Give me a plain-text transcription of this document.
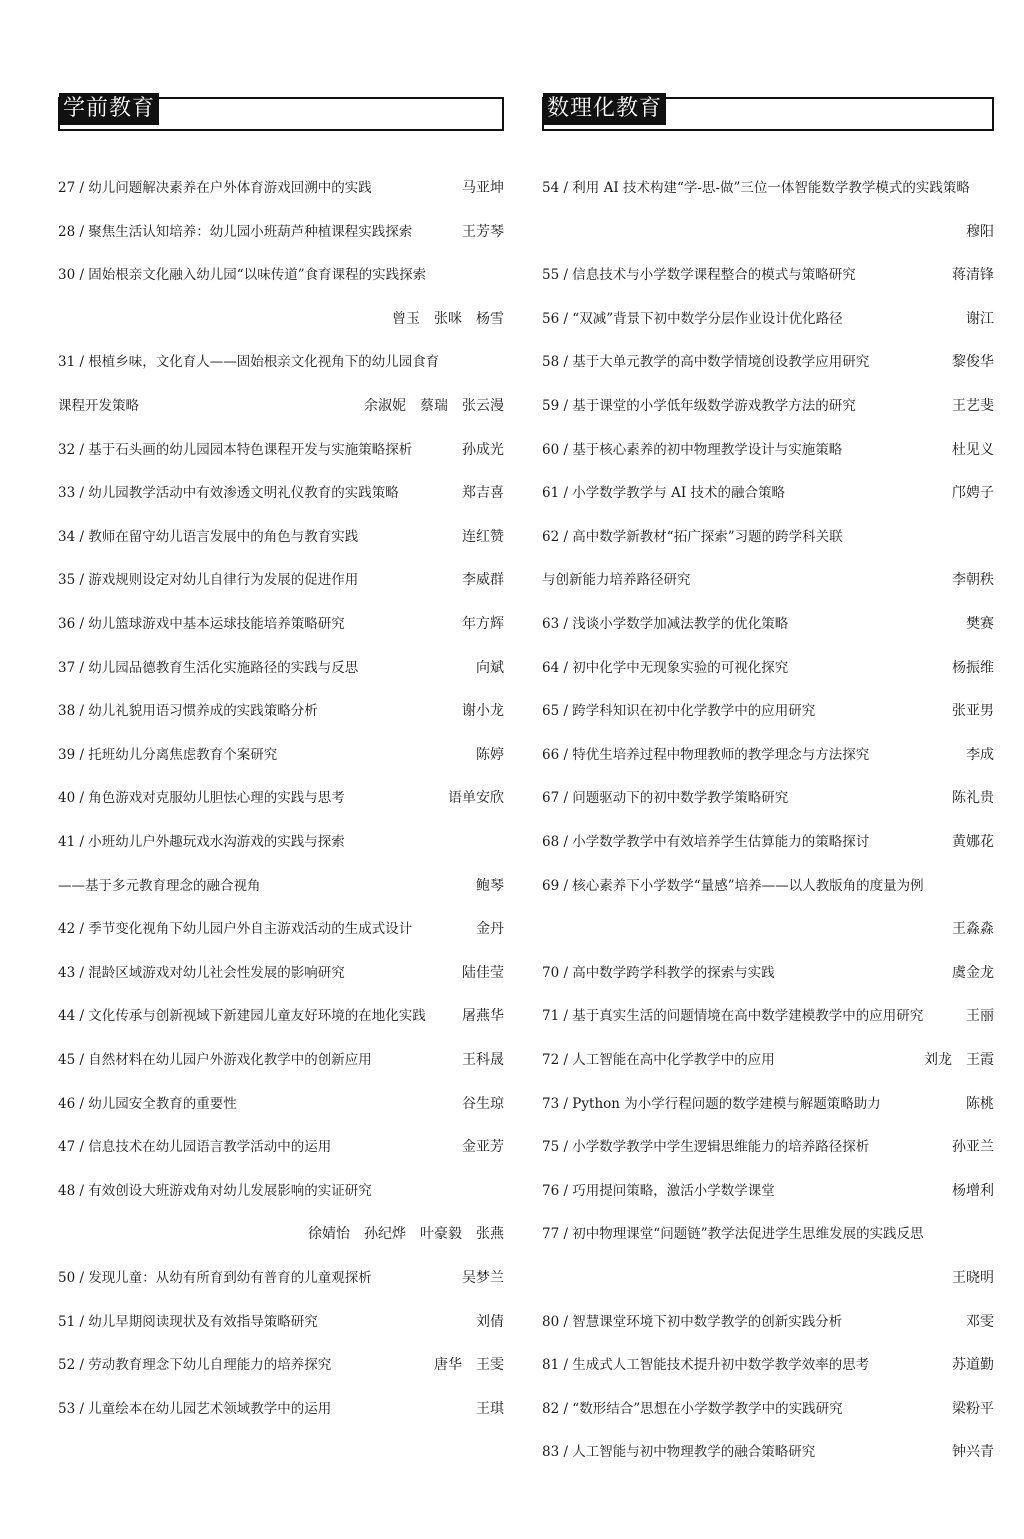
学前教育	数理化教育
27 / 幼儿问题解决素养在户外体育游戏回溯中的实践	马亚坤
28 / 聚焦生活认知培养：幼儿园小班葫芦种植课程实践探索	王芳琴
30 / 固始根亲文化融入幼儿园“以味传道”食育课程的实践探索
曾玉　张咪　杨雪
31 / 根植乡味，文化育人——固始根亲文化视角下的幼儿园食育
课程开发策略	余淑妮　蔡瑞　张云漫
32 / 基于石头画的幼儿园园本特色课程开发与实施策略探析	孙成光
33 / 幼儿园教学活动中有效渗透文明礼仪教育的实践策略	郑吉喜
34 / 教师在留守幼儿语言发展中的角色与教育实践	连红赞
35 / 游戏规则设定对幼儿自律行为发展的促进作用	李威群
36 / 幼儿篮球游戏中基本运球技能培养策略研究	年方辉
37 / 幼儿园品德教育生活化实施路径的实践与反思	向斌
38 / 幼儿礼貌用语习惯养成的实践策略分析	谢小龙
39 / 托班幼儿分离焦虑教育个案研究	陈婷
40 / 角色游戏对克服幼儿胆怯心理的实践与思考	语单安欣
41 / 小班幼儿户外趣玩戏水沟游戏的实践与探索
——基于多元教育理念的融合视角	鲍琴
42 / 季节变化视角下幼儿园户外自主游戏活动的生成式设计	金丹
43 / 混龄区域游戏对幼儿社会性发展的影响研究	陆佳莹
44 / 文化传承与创新视域下新建园儿童友好环境的在地化实践	屠燕华
45 / 自然材料在幼儿园户外游戏化教学中的创新应用	王科晟
46 / 幼儿园安全教育的重要性	谷生琼
47 / 信息技术在幼儿园语言教学活动中的运用	金亚芳
48 / 有效创设大班游戏角对幼儿发展影响的实证研究
徐婧怡　孙纪烨　叶豪毅　张燕
50 / 发现儿童：从幼有所育到幼有普育的儿童观探析	吴梦兰
51 / 幼儿早期阅读现状及有效指导策略研究	刘倩
52 / 劳动教育理念下幼儿自理能力的培养探究	唐华　王雯
53 / 儿童绘本在幼儿园艺术领域教学中的运用	王琪
54 / 利用 AI 技术构建“学-思-做”三位一体智能数学教学模式的实践策略
穆阳
55 / 信息技术与小学数学课程整合的模式与策略研究	蒋清锋
56 / “双减”背景下初中数学分层作业设计优化路径	谢江
58 / 基于大单元教学的高中数学情境创设教学应用研究	黎俊华
59 / 基于课堂的小学低年级数学游戏教学方法的研究	王艺斐
60 / 基于核心素养的初中物理教学设计与实施策略	杜见义
61 / 小学数学教学与 AI 技术的融合策略	邝娉子
62 / 高中数学新教材“拓广探索”习题的跨学科关联
与创新能力培养路径研究	李朝秩
63 / 浅谈小学数学加减法教学的优化策略	樊赛
64 / 初中化学中无现象实验的可视化探究	杨振维
65 / 跨学科知识在初中化学教学中的应用研究	张亚男
66 / 特优生培养过程中物理教师的教学理念与方法探究	李成
67 / 问题驱动下的初中数学教学策略研究	陈礼贵
68 / 小学数学教学中有效培养学生估算能力的策略探讨	黄娜花
69 / 核心素养下小学数学“量感”培养——以人教版角的度量为例
王淼淼
70 / 高中数学跨学科教学的探索与实践	虞金龙
71 / 基于真实生活的问题情境在高中数学建模教学中的应用研究	王丽
72 / 人工智能在高中化学教学中的应用	刘龙　王霞
73 / Python 为小学行程问题的数学建模与解题策略助力	陈桃
75 / 小学数学教学中学生逻辑思维能力的培养路径探析	孙亚兰
76 / 巧用提问策略，激活小学数学课堂	杨增利
77 / 初中物理课堂“问题链”教学法促进学生思维发展的实践反思
王晓明
80 / 智慧课堂环境下初中数学教学的创新实践分析	邓雯
81 / 生成式人工智能技术提升初中数学教学效率的思考	苏道勤
82 / “数形结合”思想在小学数学教学中的实践研究	梁粉平
83 / 人工智能与初中物理教学的融合策略研究	钟兴青
